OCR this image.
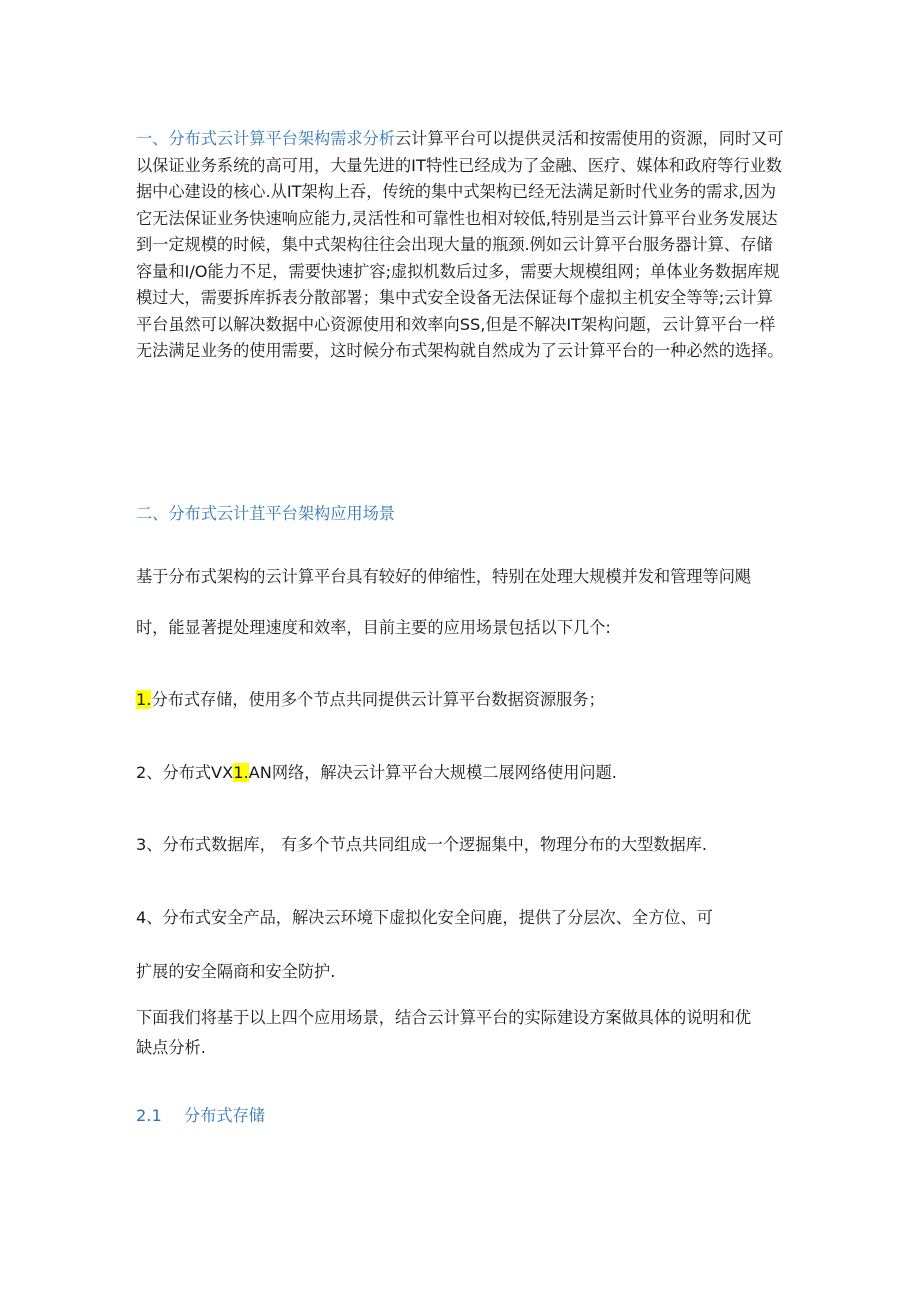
一、分布式云计算平台架构需求分析云计算平台可以提供灵活和按需使用的资源，同时又可以保证业务系统的高可用，大量先进的IT特性已经成为了金融、医疗、媒体和政府等行业数据中心建设的核心.从IT架构上吞，传统的集中式架构已经无法满足新时代业务的需求,因为它无法保证业务快速响应能力,灵活性和可靠性也相对较低,特别是当云计算平台业务发展达到一定规模的时候，集中式架构往往会出现大量的瓶颈.例如云计算平台服务器计算、存储容量和I/O能力不足，需要快速扩容;虚拟机数后过多，需要大规模组网；单体业务数据库规模过大，需要拆库拆表分散部署；集中式安全设备无法保证每个虚拟主机安全等等;云计算平台虽然可以解决数据中心资源使用和效率向SS,但是不解决IT架构问题，云计算平台一样无法满足业务的使用需要，这时候分布式架构就自然成为了云计算平台的一种必然的选择。

二、分布式云计苴平台架构应用场景

基于分布式架构的云计算平台具有较好的伸缩性，特别在处理大规模并发和管理等问飓

时，能显著提处理速度和效率，目前主要的应用场景包括以下几个:

1.分布式存储，使用多个节点共同提供云计算平台数据资源服务；

2、分布式VX1.AN网络，解决云计算平台大规模二展网络使用问题.

3、分布式数据库， 有多个节点共同组成一个逻掘集中，物理分布的大型数据库.

4、分布式安全产品，解决云环境下虚拟化安全问鹿，提供了分层次、全方位、可

扩展的安全隔商和安全防护.

下面我们将基于以上四个应用场景，结合云计算平台的实际建设方案做具体的说明和优

缺点分析.

2.1 分布式存储
